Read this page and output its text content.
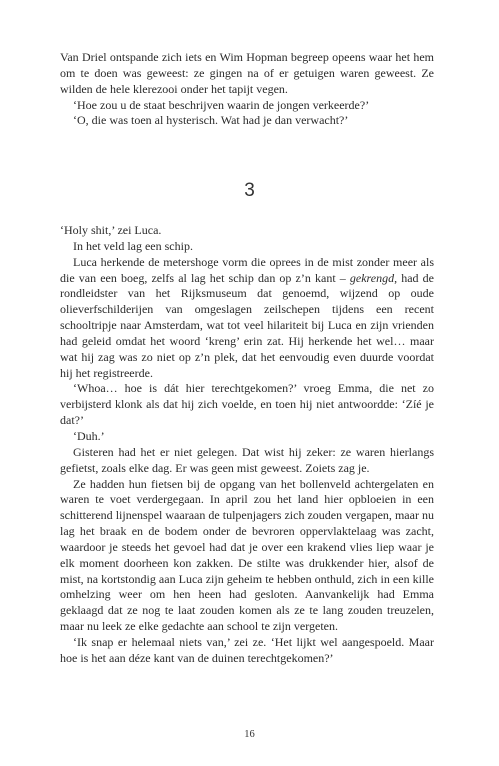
Van Driel ontspande zich iets en Wim Hopman begreep opeens waar het hem om te doen was geweest: ze gingen na of er getuigen waren geweest. Ze wilden de hele klerezooi onder het tapijt vegen.

‘Hoe zou u de staat beschrijven waarin de jongen verkeerde?’

‘O, die was toen al hysterisch. Wat had je dan verwacht?’

3

‘Holy shit,’ zei Luca.

In het veld lag een schip.

Luca herkende de metershoge vorm die oprees in de mist zonder meer als die van een boeg, zelfs al lag het schip dan op z’n kant – gekrengd, had de rondleidster van het Rijksmuseum dat genoemd, wijzend op oude olieverfschilderijen van omgeslagen zeilschepen tijdens een recent schooltripje naar Amsterdam, wat tot veel hilariteit bij Luca en zijn vrienden had geleid omdat het woord ‘kreng’ erin zat. Hij herkende het wel… maar wat hij zag was zo niet op z’n plek, dat het eenvoudig even duurde voordat hij het registreerde.

‘Whoa… hoe is dát hier terechtgekomen?’ vroeg Emma, die net zo verbijsterd klonk als dat hij zich voelde, en toen hij niet antwoordde: ‘Zíé je dat?’

‘Duh.’

Gisteren had het er niet gelegen. Dat wist hij zeker: ze waren hierlangs gefietst, zoals elke dag. Er was geen mist geweest. Zoiets zag je.

Ze hadden hun fietsen bij de opgang van het bollenveld achtergelaten en waren te voet verdergegaan. In april zou het land hier opbloeien in een schitterend lijnenspel waaraan de tulpenjagers zich zouden vergapen, maar nu lag het braak en de bodem onder de bevroren oppervlaktelaag was zacht, waardoor je steeds het gevoel had dat je over een krakend vlies liep waar je elk moment doorheen kon zakken. De stilte was drukkender hier, alsof de mist, na kortstondig aan Luca zijn geheim te hebben onthuld, zich in een kille omhelzing weer om hen heen had gesloten. Aanvankelijk had Emma geklaagd dat ze nog te laat zouden komen als ze te lang zouden treuzelen, maar nu leek ze elke gedachte aan school te zijn vergeten.

‘Ik snap er helemaal niets van,’ zei ze. ‘Het lijkt wel aangespoeld. Maar hoe is het aan déze kant van de duinen terechtgekomen?’

16
